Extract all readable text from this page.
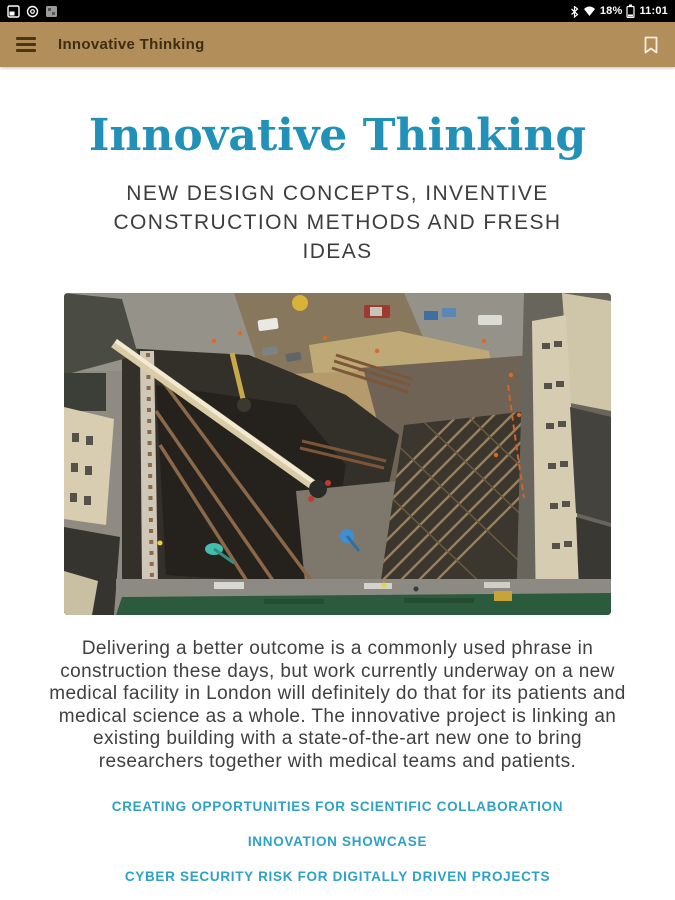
18% 11:01
Innovative Thinking
Innovative Thinking
NEW DESIGN CONCEPTS, INVENTIVE CONSTRUCTION METHODS AND FRESH IDEAS

Delivering a better outcome is a commonly used phrase in construction these days, but work currently underway on a new medical facility in London will definitely do that for its patients and medical science as a whole. The innovative project is linking an existing building with a state-of-the-art new one to bring researchers together with medical teams and patients.

CREATING OPPORTUNITIES FOR SCIENTIFIC COLLABORATION
INNOVATION SHOWCASE
CYBER SECURITY RISK FOR DIGITALLY DRIVEN PROJECTS
